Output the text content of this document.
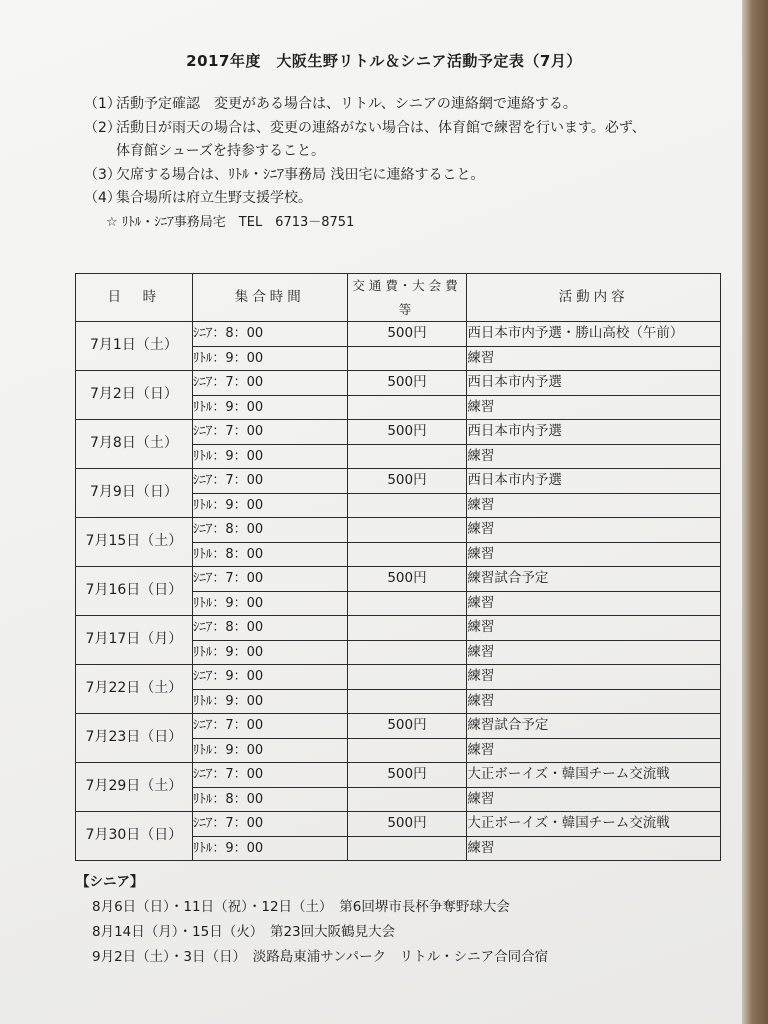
2017年度　大阪生野リトル＆シニア活動予定表（7月）
（1）活動予定確認　変更がある場合は、リトル、シニアの連絡網で連絡する。
（2）活動日が雨天の場合は、変更の連絡がない場合は、体育館で練習を行います。必ず、
体育館シューズを持参すること。
（3）欠席する場合は、ﾘﾄﾙ・ｼﾆｱ事務局 浅田宅に連絡すること。
（4）集合場所は府立生野支援学校。
☆ ﾘﾄﾙ・ｼﾆｱ事務局宅　TEL　6713－8751
日　時	集合時間	交通費･大会費等	活動内容
7月1日（土）	ｼﾆｱ：8：00	500円	西日本市内予選・勝山高校（午前）
	ﾘﾄﾙ：9：00		練習
7月2日（日）	ｼﾆｱ：7：00	500円	西日本市内予選
	ﾘﾄﾙ：9：00		練習
7月8日（土）	ｼﾆｱ：7：00	500円	西日本市内予選
	ﾘﾄﾙ：9：00		練習
7月9日（日）	ｼﾆｱ：7：00	500円	西日本市内予選
	ﾘﾄﾙ：9：00		練習
7月15日（土）	ｼﾆｱ：8：00		練習
	ﾘﾄﾙ：8：00		練習
7月16日（日）	ｼﾆｱ：7：00	500円	練習試合予定
	ﾘﾄﾙ：9：00		練習
7月17日（月）	ｼﾆｱ：8：00		練習
	ﾘﾄﾙ：9：00		練習
7月22日（土）	ｼﾆｱ：9：00		練習
	ﾘﾄﾙ：9：00		練習
7月23日（日）	ｼﾆｱ：7：00	500円	練習試合予定
	ﾘﾄﾙ：9：00		練習
7月29日（土）	ｼﾆｱ：7：00	500円	大正ボーイズ・韓国チーム交流戦
	ﾘﾄﾙ：8：00		練習
7月30日（日）	ｼﾆｱ：7：00	500円	大正ボーイズ・韓国チーム交流戦
	ﾘﾄﾙ：9：00		練習
【シニア】
8月6日（日）・11日（祝）・12日（土）　第6回堺市長杯争奪野球大会
8月14日（月）・15日（火）　第23回大阪鶴見大会
9月2日（土）・3日（日）　淡路島東浦サンパーク　リトル・シニア合同合宿
